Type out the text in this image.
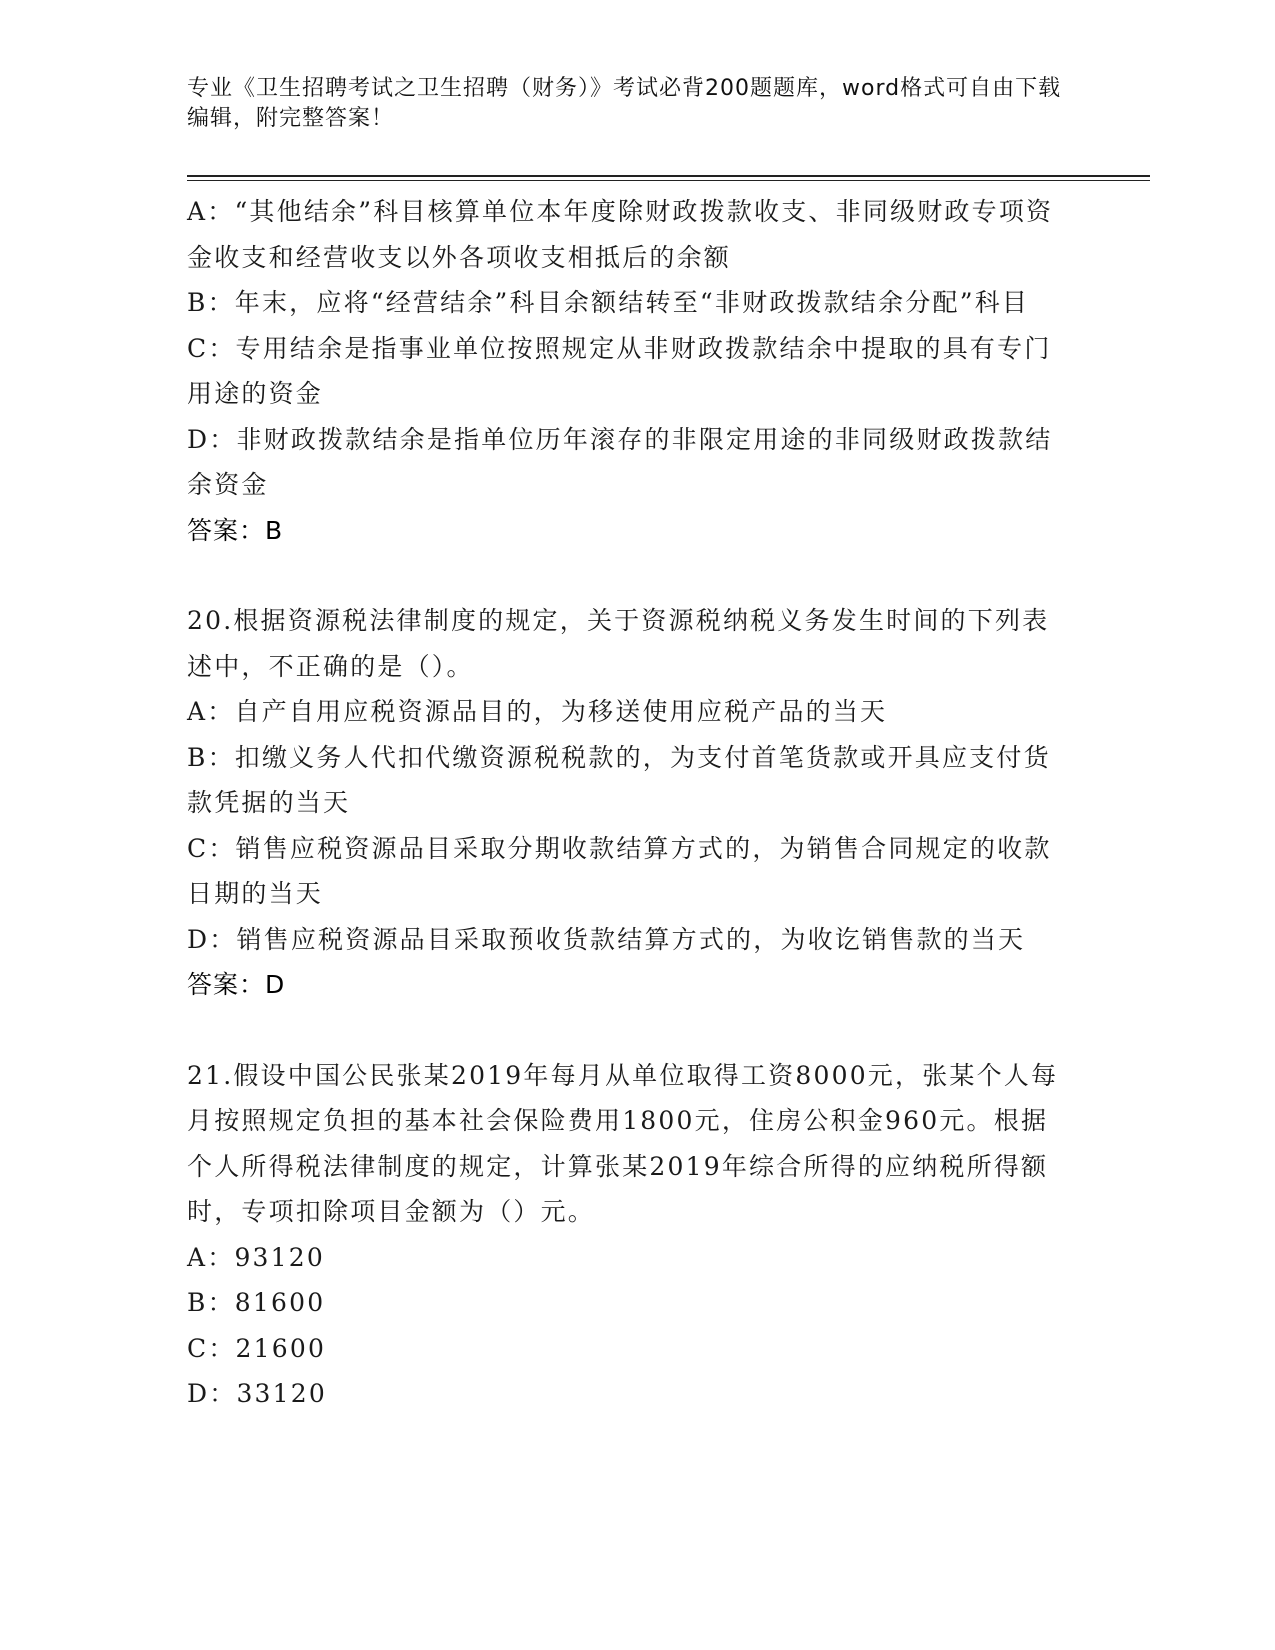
专业《卫生招聘考试之卫生招聘（财务）》考试必背200题题库，word格式可自由下载编辑，附完整答案！

A：“其他结余”科目核算单位本年度除财政拨款收支、非同级财政专项资金收支和经营收支以外各项收支相抵后的余额

B：年末，应将“经营结余”科目余额结转至“非财政拨款结余分配”科目

C：专用结余是指事业单位按照规定从非财政拨款结余中提取的具有专门用途的资金

D：非财政拨款结余是指单位历年滚存的非限定用途的非同级财政拨款结余资金

答案：B

20.根据资源税法律制度的规定，关于资源税纳税义务发生时间的下列表述中，不正确的是（）。

A：自产自用应税资源品目的，为移送使用应税产品的当天

B：扣缴义务人代扣代缴资源税税款的，为支付首笔货款或开具应支付货款凭据的当天

C：销售应税资源品目采取分期收款结算方式的，为销售合同规定的收款日期的当天

D：销售应税资源品目采取预收货款结算方式的，为收讫销售款的当天

答案：D

21.假设中国公民张某2019年每月从单位取得工资8000元，张某个人每月按照规定负担的基本社会保险费用1800元，住房公积金960元。根据个人所得税法律制度的规定，计算张某2019年综合所得的应纳税所得额时，专项扣除项目金额为（）元。

A：93120

B：81600

C：21600

D：33120
